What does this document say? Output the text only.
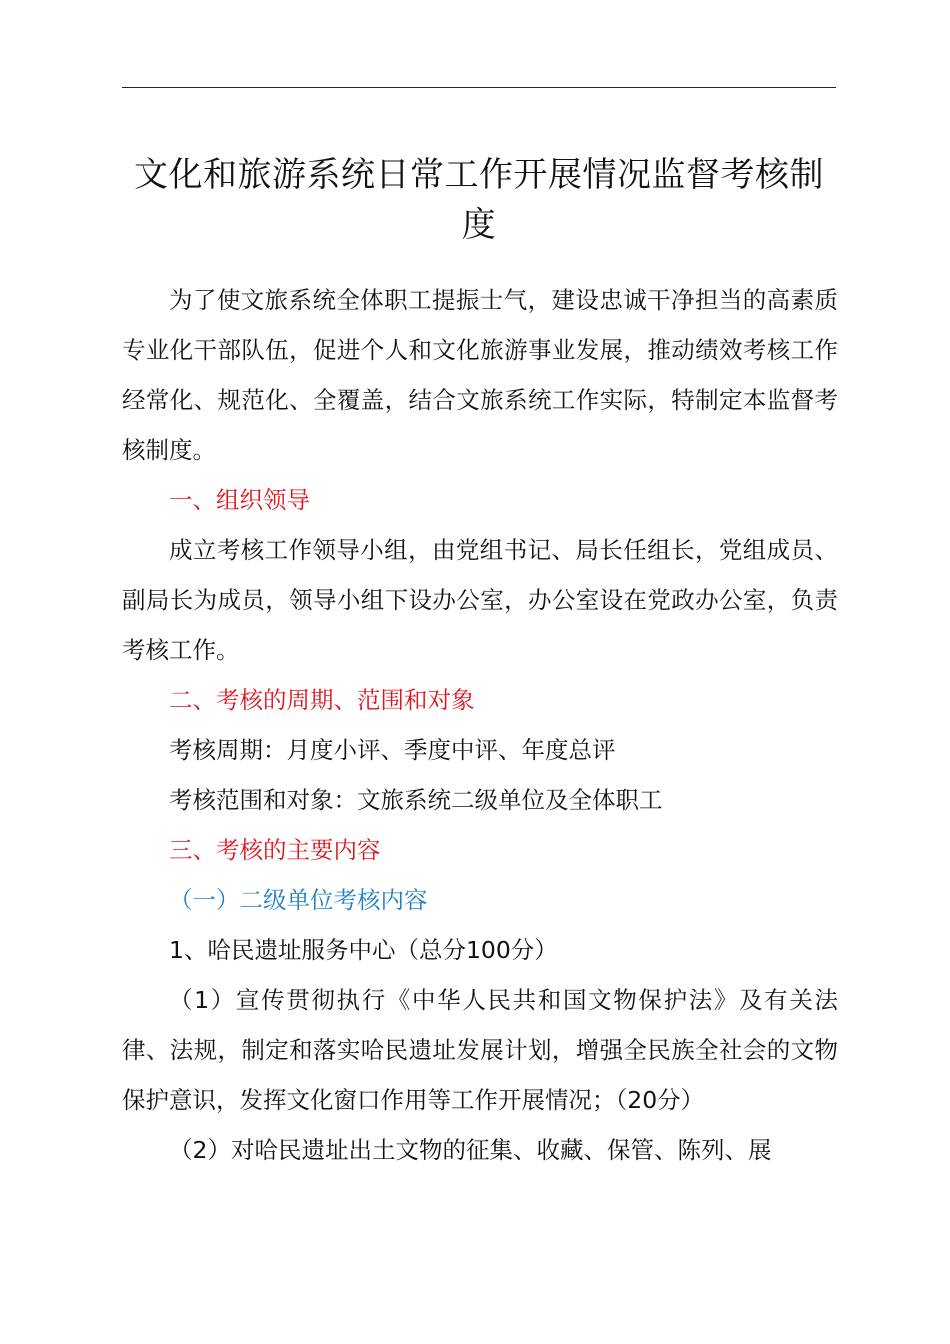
文化和旅游系统日常工作开展情况监督考核制度

为了使文旅系统全体职工提振士气，建设忠诚干净担当的高素质专业化干部队伍，促进个人和文化旅游事业发展，推动绩效考核工作经常化、规范化、全覆盖，结合文旅系统工作实际，特制定本监督考核制度。

一、组织领导

成立考核工作领导小组，由党组书记、局长任组长，党组成员、副局长为成员，领导小组下设办公室，办公室设在党政办公室，负责考核工作。

二、考核的周期、范围和对象

考核周期：月度小评、季度中评、年度总评

考核范围和对象：文旅系统二级单位及全体职工

三、考核的主要内容

（一）二级单位考核内容

1、哈民遗址服务中心（总分100分）

（1）宣传贯彻执行《中华人民共和国文物保护法》及有关法律、法规，制定和落实哈民遗址发展计划，增强全民族全社会的文物保护意识，发挥文化窗口作用等工作开展情况；（20分）

（2）对哈民遗址出土文物的征集、收藏、保管、陈列、展
